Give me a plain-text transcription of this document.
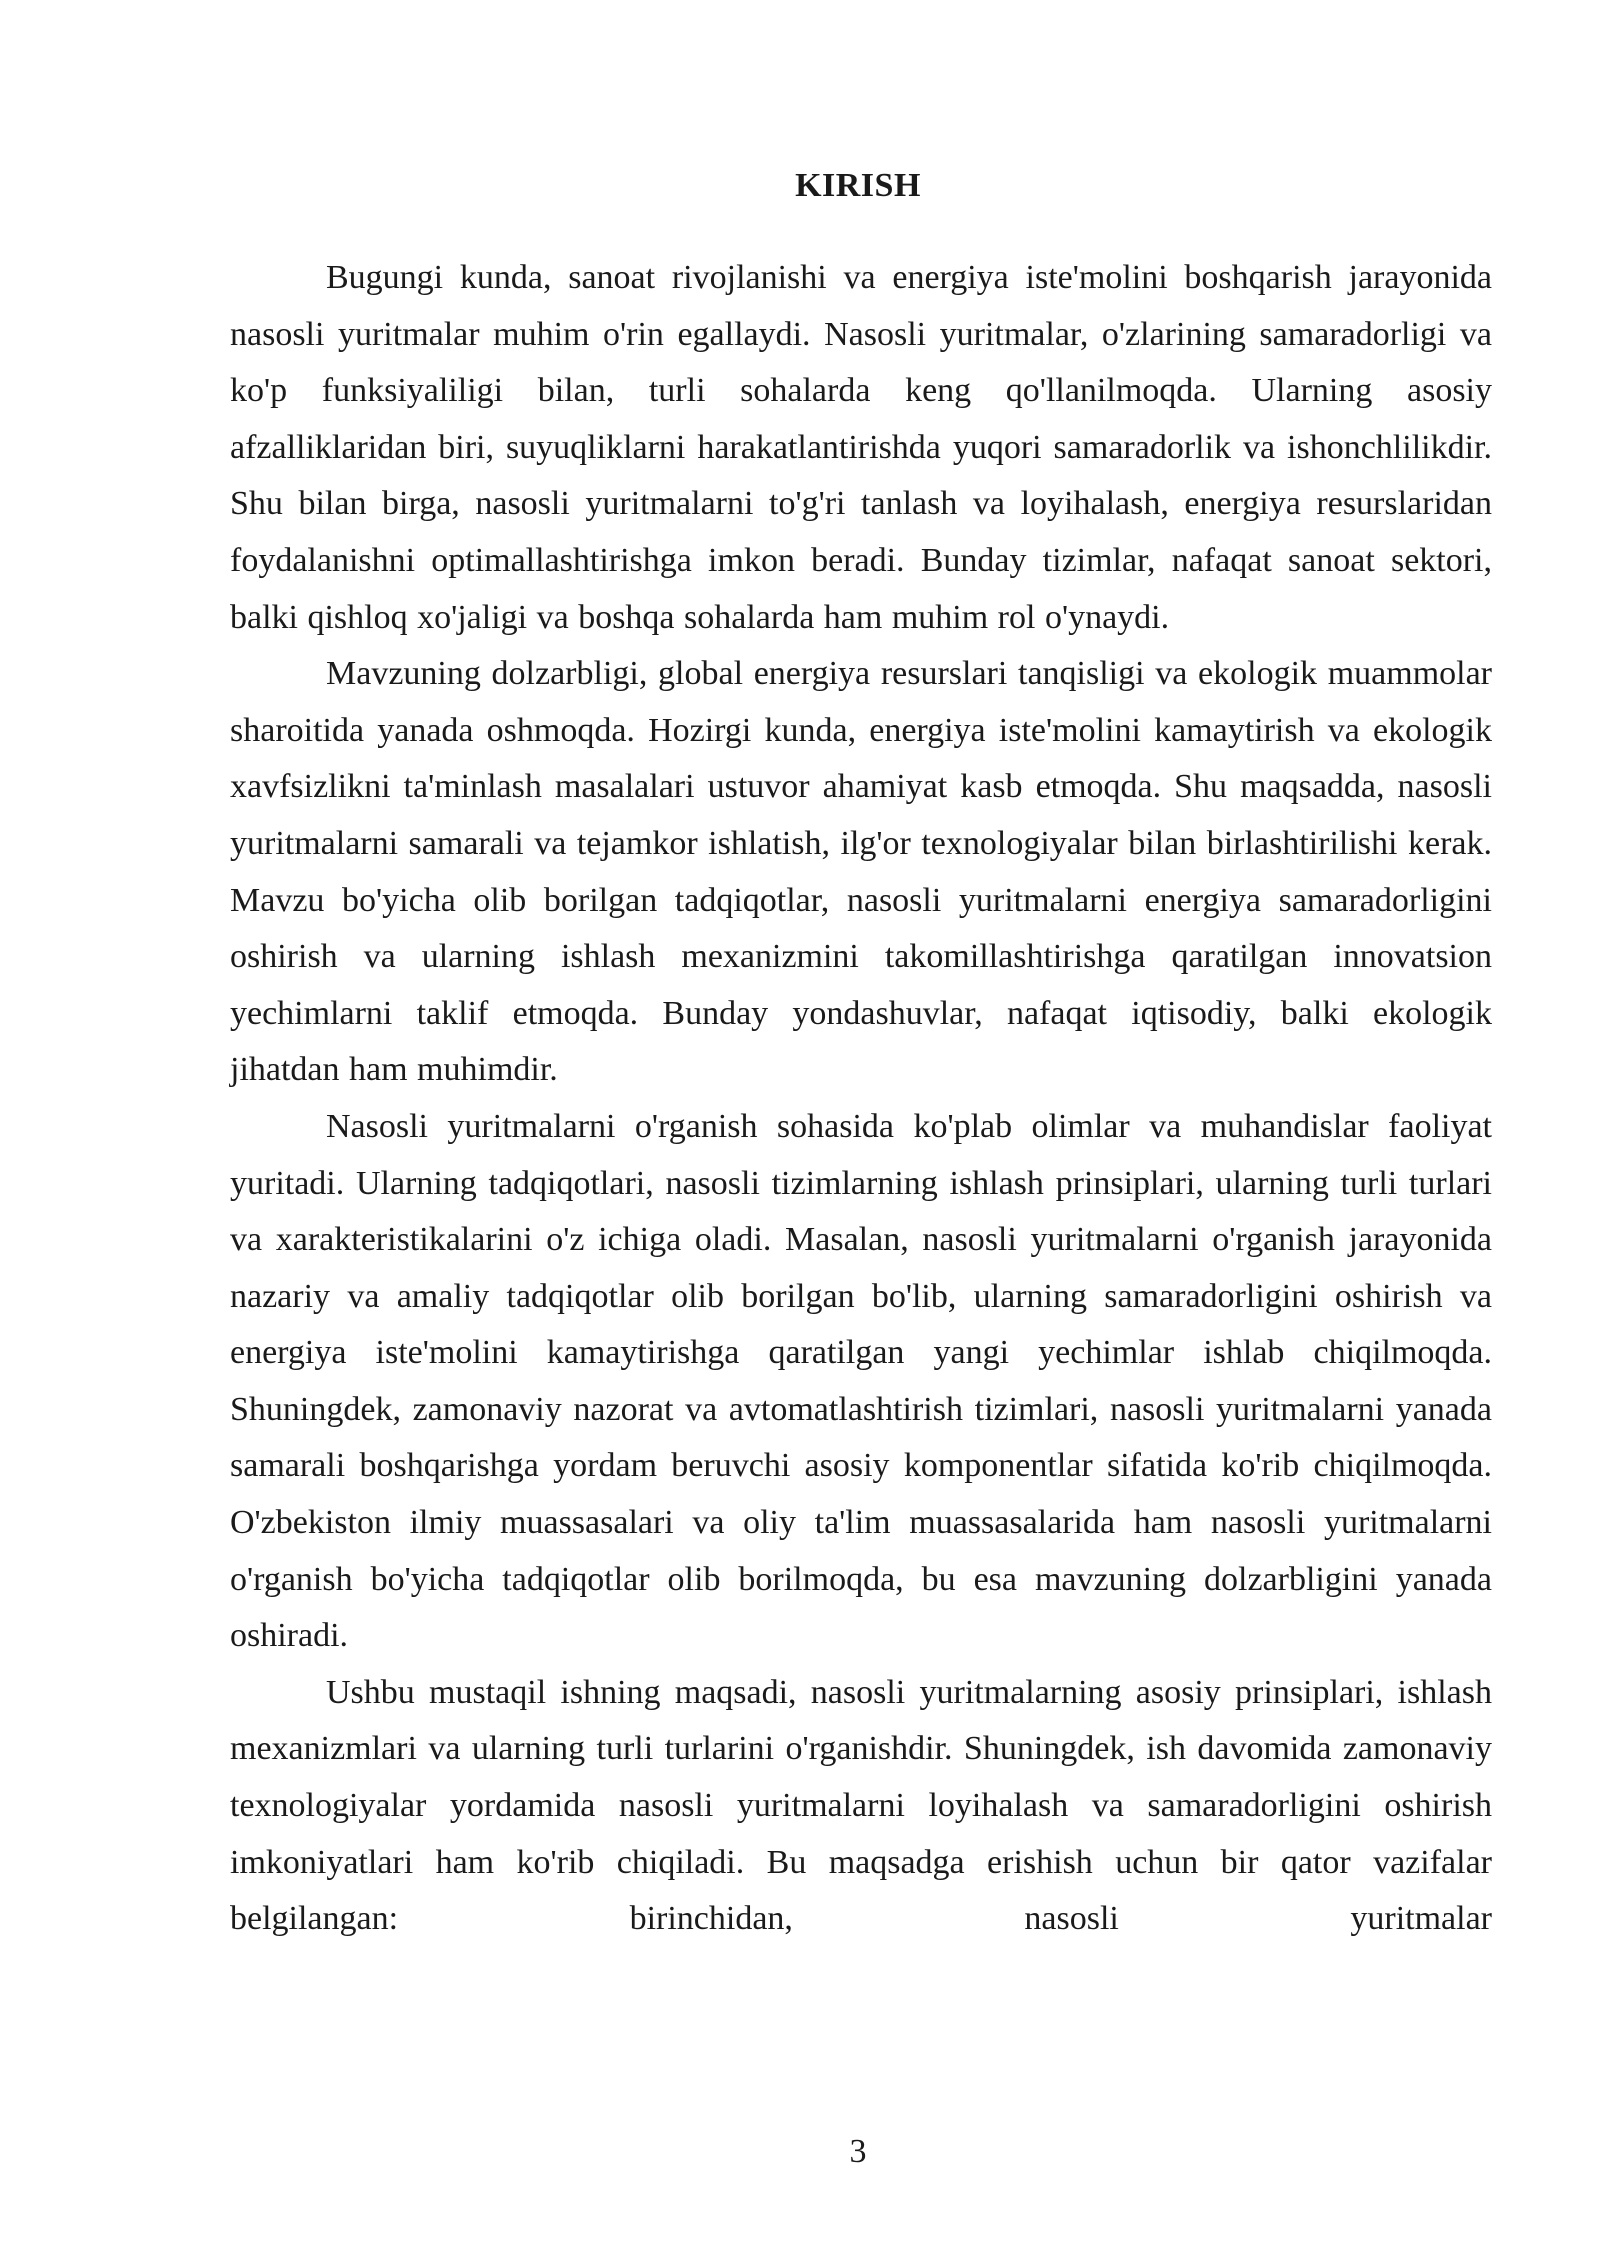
KIRISH

Bugungi kunda, sanoat rivojlanishi va energiya iste'molini boshqarish jarayonida nasosli yuritmalar muhim o'rin egallaydi. Nasosli yuritmalar, o'zlarining samaradorligi va ko'p funksiyaliligi bilan, turli sohalarda keng qo'llanilmoqda. Ularning asosiy afzalliklaridan biri, suyuqliklarni harakatlantirishda yuqori samaradorlik va ishonchlilikdir. Shu bilan birga, nasosli yuritmalarni to'g'ri tanlash va loyihalash, energiya resurslaridan foydalanishni optimallashtirishga imkon beradi. Bunday tizimlar, nafaqat sanoat sektori, balki qishloq xo'jaligi va boshqa sohalarda ham muhim rol o'ynaydi.

Mavzuning dolzarbligi, global energiya resurslari tanqisligi va ekologik muammolar sharoitida yanada oshmoqda. Hozirgi kunda, energiya iste'molini kamaytirish va ekologik xavfsizlikni ta'minlash masalalari ustuvor ahamiyat kasb etmoqda. Shu maqsadda, nasosli yuritmalarni samarali va tejamkor ishlatish, ilg'or texnologiyalar bilan birlashtirilishi kerak. Mavzu bo'yicha olib borilgan tadqiqotlar, nasosli yuritmalarni energiya samaradorligini oshirish va ularning ishlash mexanizmini takomillashtirishga qaratilgan innovatsion yechimlarni taklif etmoqda. Bunday yondashuvlar, nafaqat iqtisodiy, balki ekologik jihatdan ham muhimdir.

Nasosli yuritmalarni o'rganish sohasida ko'plab olimlar va muhandislar faoliyat yuritadi. Ularning tadqiqotlari, nasosli tizimlarning ishlash prinsiplari, ularning turli turlari va xarakteristikalarini o'z ichiga oladi. Masalan, nasosli yuritmalarni o'rganish jarayonida nazariy va amaliy tadqiqotlar olib borilgan bo'lib, ularning samaradorligini oshirish va energiya iste'molini kamaytirishga qaratilgan yangi yechimlar ishlab chiqilmoqda. Shuningdek, zamonaviy nazorat va avtomatlashtirish tizimlari, nasosli yuritmalarni yanada samarali boshqarishga yordam beruvchi asosiy komponentlar sifatida ko'rib chiqilmoqda. O'zbekiston ilmiy muassasalari va oliy ta'lim muassasalarida ham nasosli yuritmalarni o'rganish bo'yicha tadqiqotlar olib borilmoqda, bu esa mavzuning dolzarbligini yanada oshiradi.

Ushbu mustaqil ishning maqsadi, nasosli yuritmalarning asosiy prinsiplari, ishlash mexanizmlari va ularning turli turlarini o'rganishdir. Shuningdek, ish davomida zamonaviy texnologiyalar yordamida nasosli yuritmalarni loyihalash va samaradorligini oshirish imkoniyatlari ham ko'rib chiqiladi. Bu maqsadga erishish uchun bir qator vazifalar belgilangan: birinchidan, nasosli yuritmalar

3
